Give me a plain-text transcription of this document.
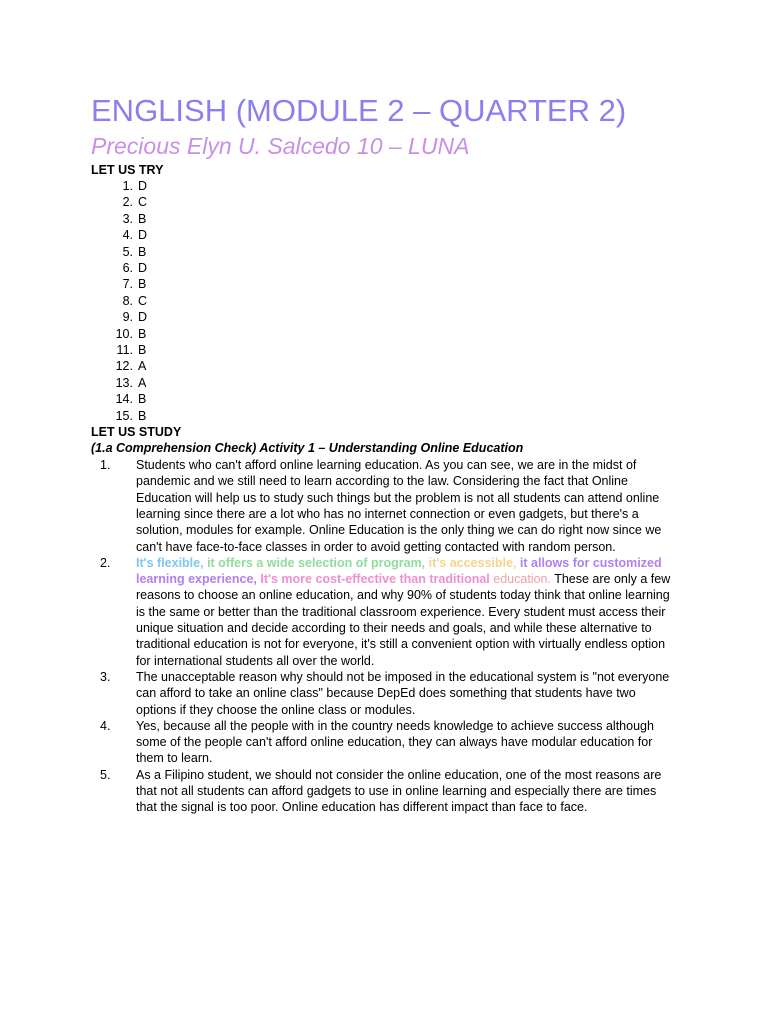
ENGLISH (MODULE 2 – QUARTER 2)
Precious Elyn U. Salcedo 10 – LUNA
LET US TRY
1. D
2. C
3. B
4. D
5. B
6. D
7. B
8. C
9. D
10. B
11. B
12. A
13. A
14. B
15. B
LET US STUDY
(1.a Comprehension Check) Activity 1 – Understanding Online Education
1.	Students who can't afford online learning education. As you can see, we are in the midst of pandemic and we still need to learn according to the law. Considering the fact that Online Education will help us to study such things but the problem is not all students can attend online learning since there are a lot who has no internet connection or even gadgets, but there's a solution, modules for example. Online Education is the only thing we can do right now since we can't have face-to-face classes in order to avoid getting contacted with random person.
2.	It's flexible, it offers a wide selection of program, it's accessible, it allows for customized learning experience, It's more cost-effective than traditional education. These are only a few reasons to choose an online education, and why 90% of students today think that online learning is the same or better than the traditional classroom experience. Every student must access their unique situation and decide according to their needs and goals, and while these alternative to traditional education is not for everyone, it's still a convenient option with virtually endless option for international students all over the world.
3.	The unacceptable reason why should not be imposed in the educational system is "not everyone can afford to take an online class" because DepEd does something that students have two options if they choose the online class or modules.
4.	Yes, because all the people with in the country needs knowledge to achieve success although some of the people can't afford online education, they can always have modular education for them to learn.
5.	As a Filipino student, we should not consider the online education, one of the most reasons are that not all students can afford gadgets to use in online learning and especially there are times that the signal is too poor. Online education has different impact than face to face.
